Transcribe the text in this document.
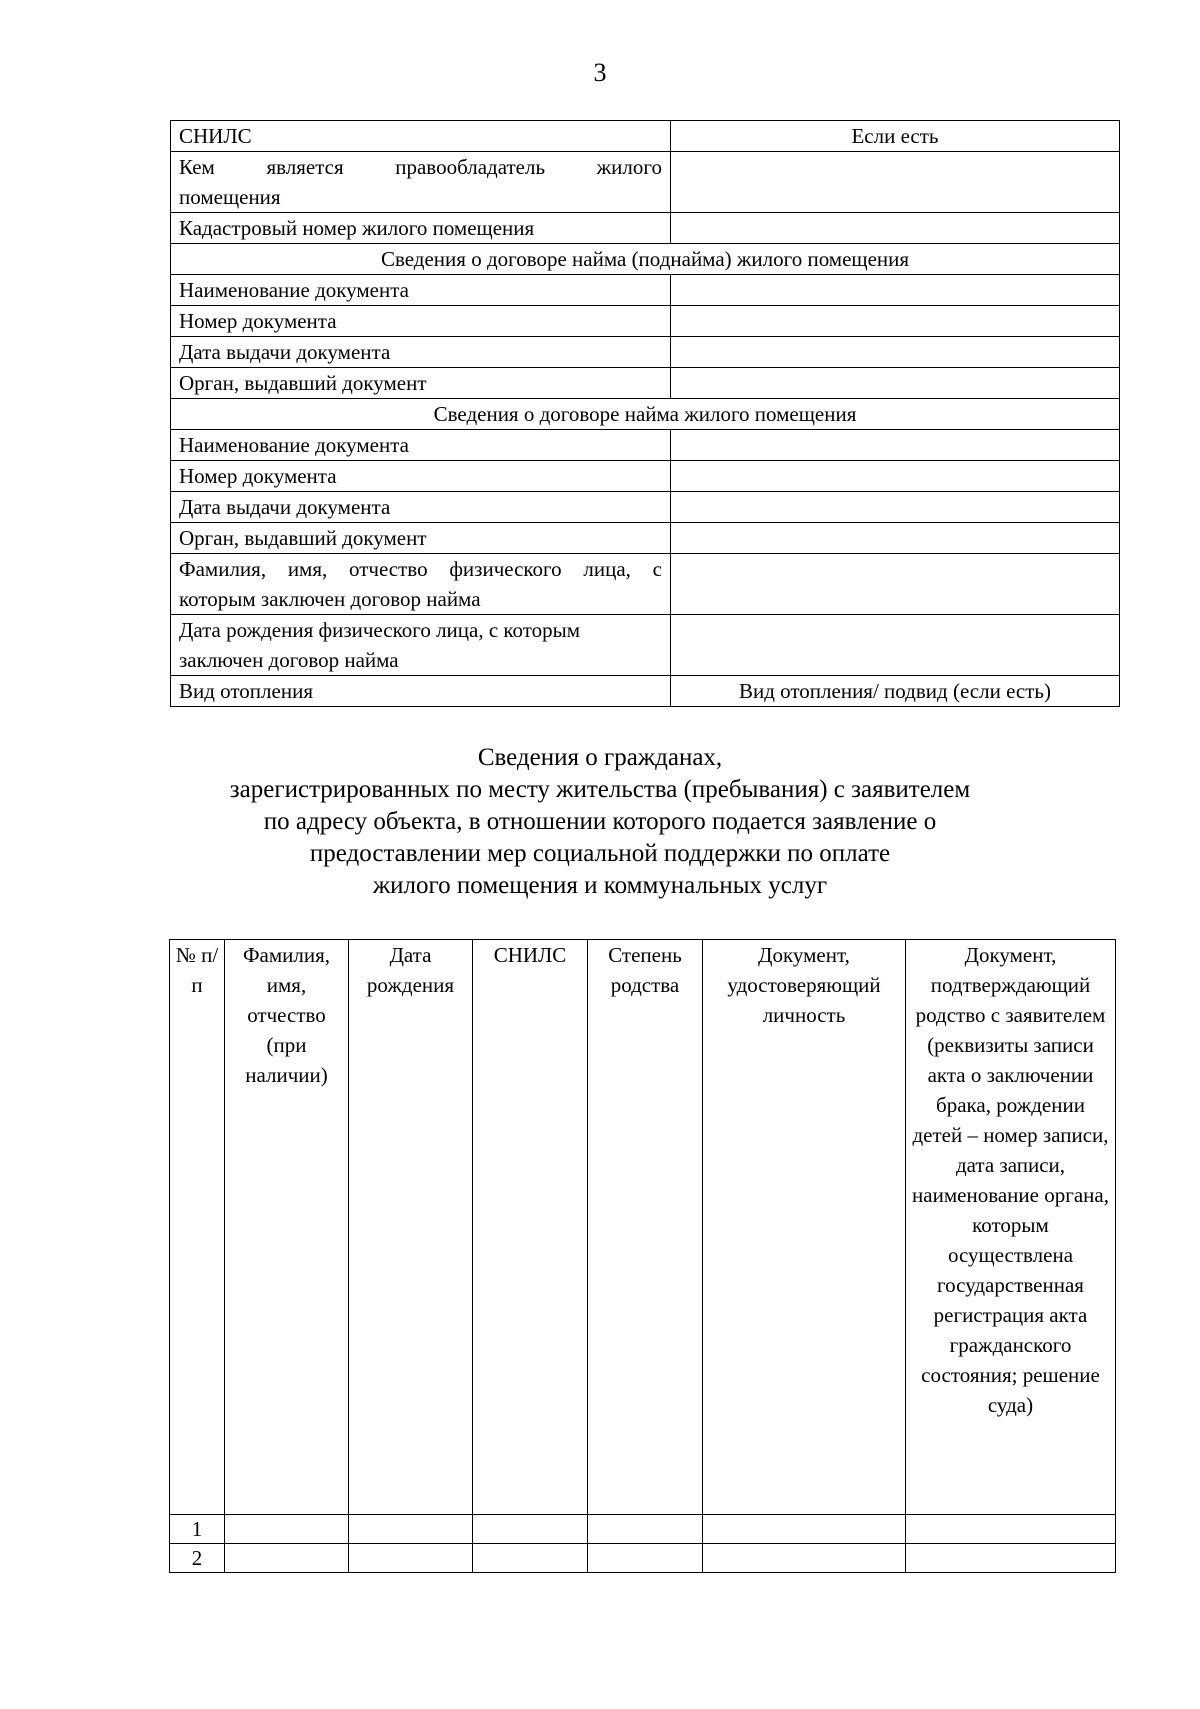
3
СНИЛС	Если есть

Кем является правообладатель жилого
помещения	
Кадастровый номер жилого помещения	
Сведения о договоре найма (поднайма) жилого помещения	
Наименование документа	
Номер документа	
Дата выдачи документа	
Орган, выдавший документ	
Сведения о договоре найма жилого помещения	
Наименование документа	
Номер документа	
Дата выдачи документа	
Орган, выдавший документ	

Фамилия, имя, отчество физического лица, с
которым заключен договор найма	

Дата рождения физического лица, с которым
заключен договор найма	
Вид отопления	Вид отопления/ подвид (если есть)
Сведения о гражданах,
зарегистрированных по месту жительства (пребывания) с заявителем
по адресу объекта, в отношении которого подается заявление о
предоставлении мер социальной поддержки по оплате
жилого помещения и коммунальных услуг
№ п/п	Фамилия, имя, отчество (при наличии)	Дата рождения	СНИЛС	Степень родства	Документ, удостоверяющий личность	Документ, подтверждающий родство с заявителем (реквизиты записи акта о заключении брака, рождении детей – номер записи, дата записи, наименование органа, которым осуществлена государственная регистрация акта гражданского состояния; решение суда)
1						
2						
